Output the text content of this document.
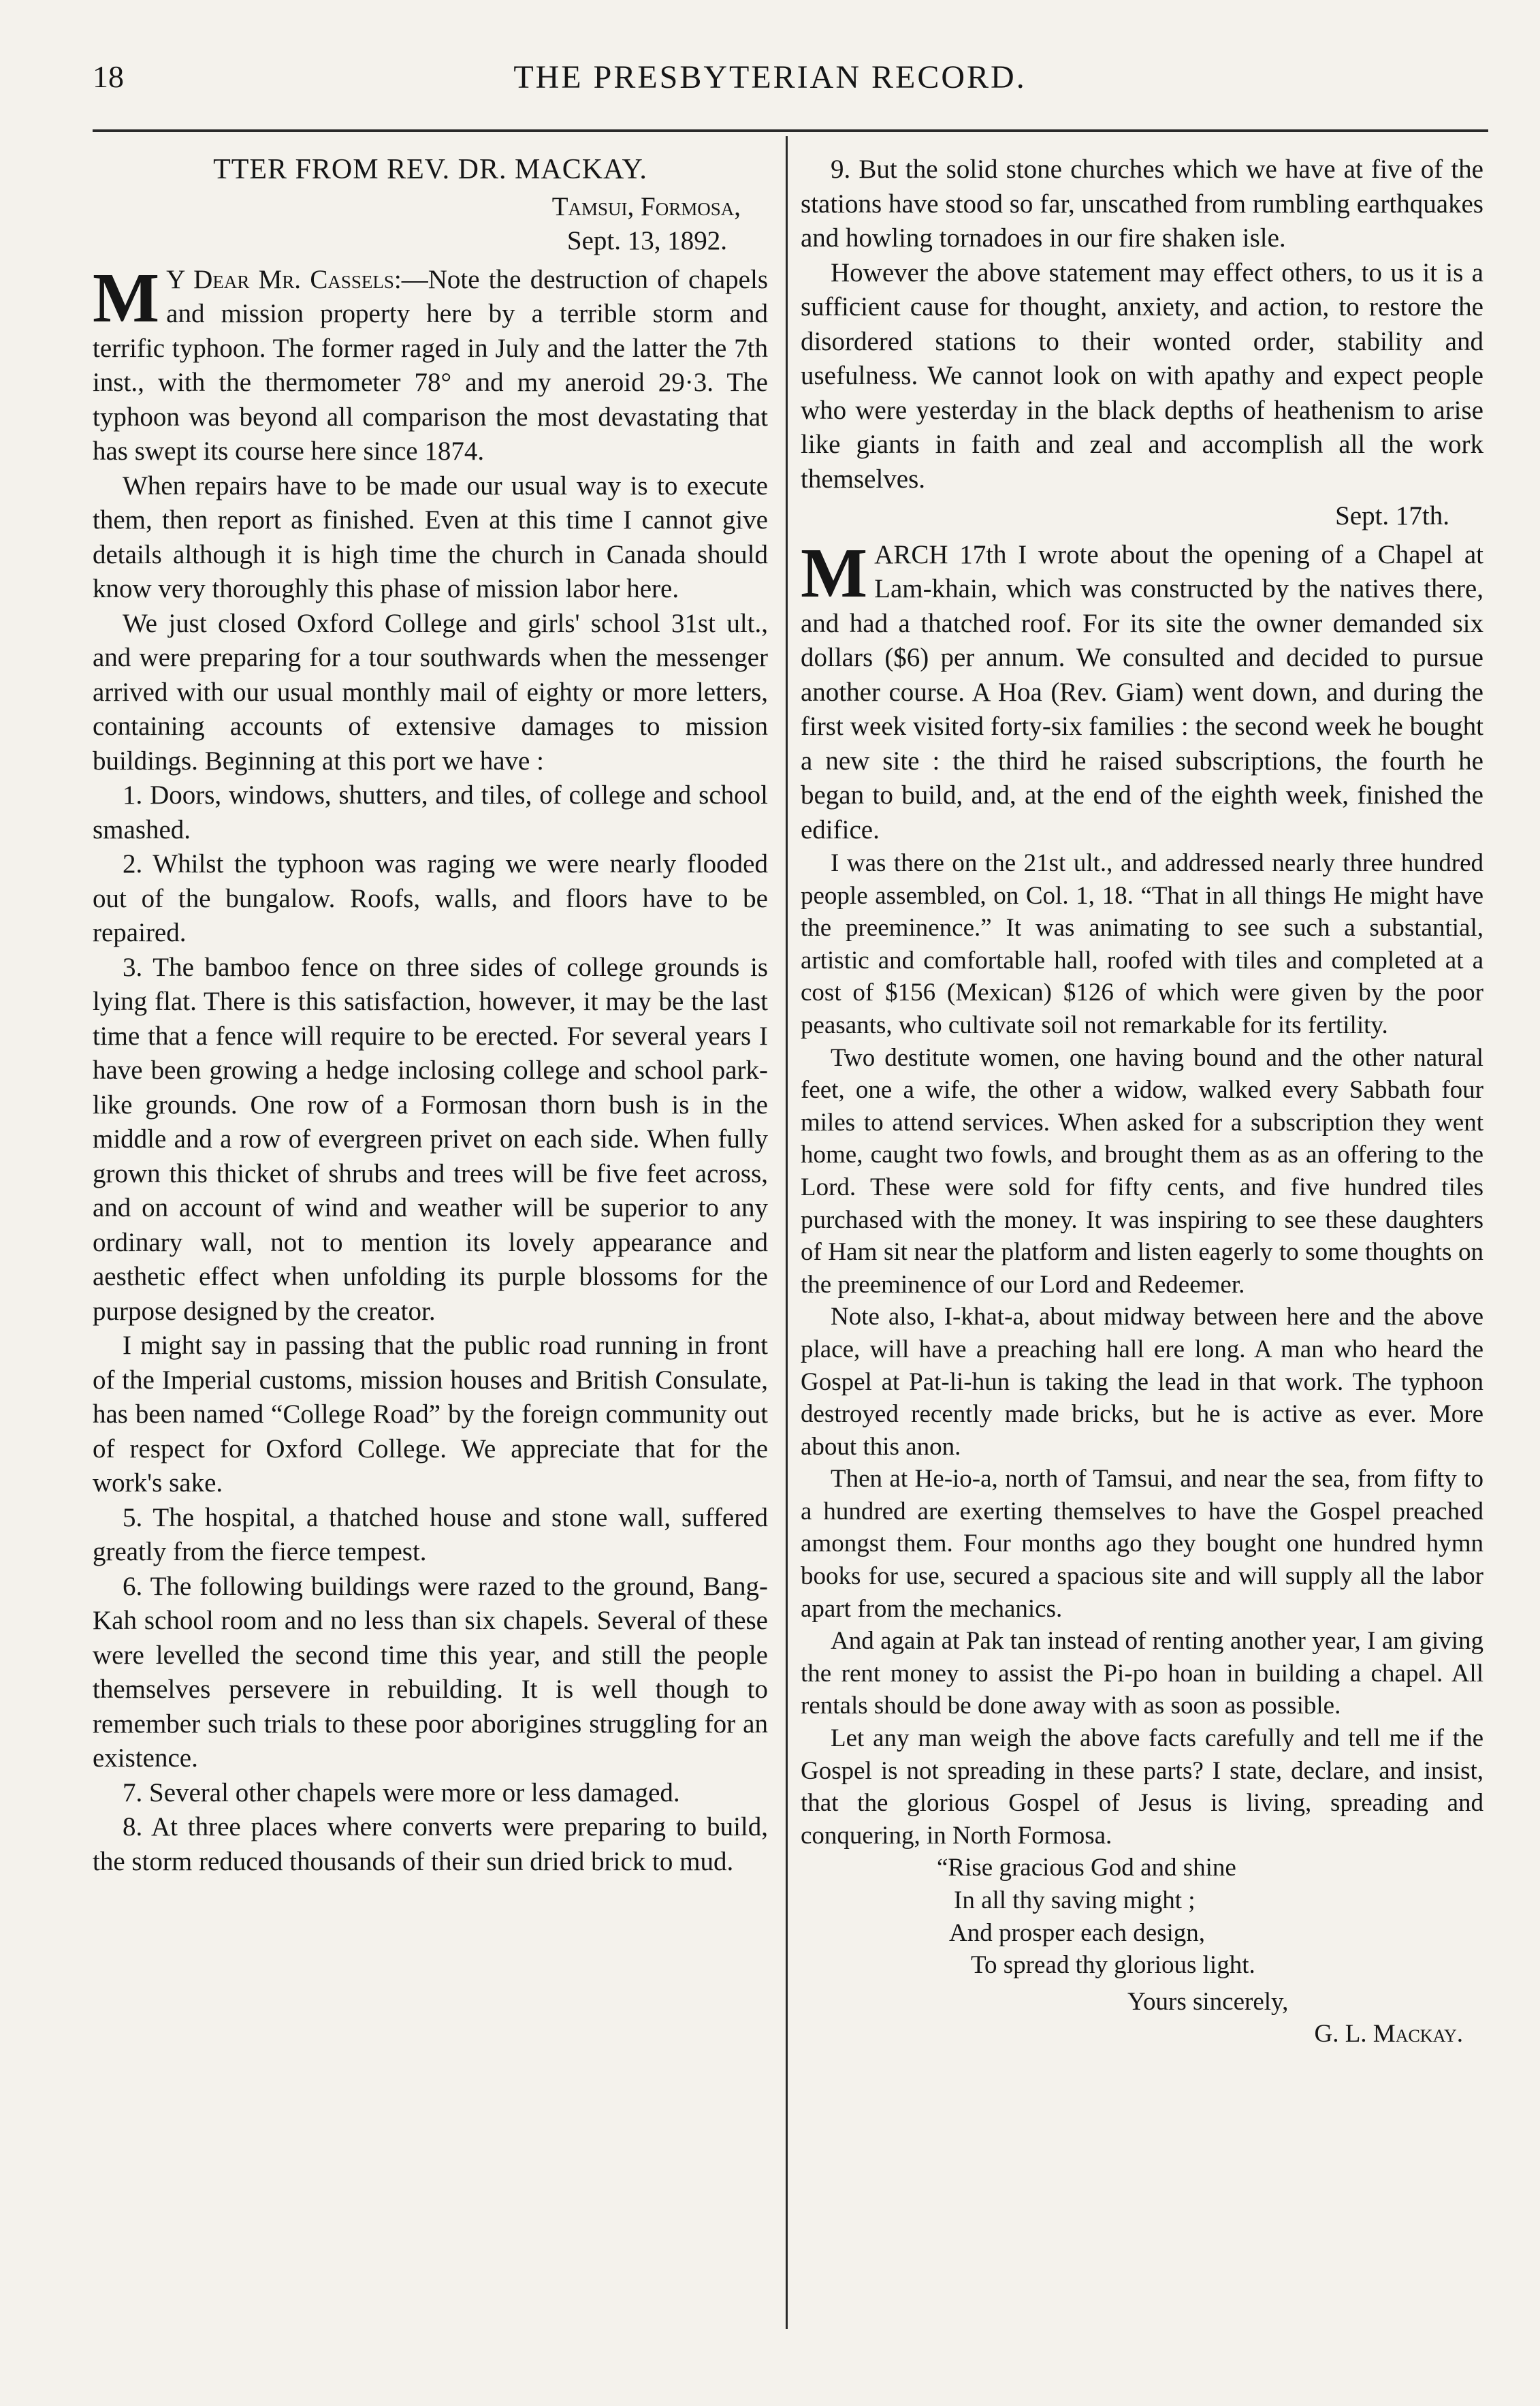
18	THE PRESBYTERIAN RECORD.
TTER FROM REV. DR. MACKAY.
Tamsui, Formosa,
Sept. 13, 1892.

M Y Dear Mr. Cassels:—Note the destruction of chapels and mission property here by a terrible storm and terrific typhoon. The former raged in July and the latter the 7th inst., with the thermometer 78° and my aneroid 29·3. The typhoon was beyond all comparison the most devastating that has swept its course here since 1874.

When repairs have to be made our usual way is to execute them, then report as finished. Even at this time I cannot give details although it is high time the church in Canada should know very thoroughly this phase of mission labor here.

We just closed Oxford College and girls' school 31st ult., and were preparing for a tour southwards when the messenger arrived with our usual monthly mail of eighty or more letters, containing accounts of extensive damages to mission buildings. Beginning at this port we have :

1. Doors, windows, shutters, and tiles, of college and school smashed.

2. Whilst the typhoon was raging we were nearly flooded out of the bungalow. Roofs, walls, and floors have to be repaired.

3. The bamboo fence on three sides of college grounds is lying flat. There is this satisfaction, however, it may be the last time that a fence will require to be erected. For several years I have been growing a hedge inclosing college and school park-like grounds. One row of a Formosan thorn bush is in the middle and a row of evergreen privet on each side. When fully grown this thicket of shrubs and trees will be five feet across, and on account of wind and weather will be superior to any ordinary wall, not to mention its lovely appearance and aesthetic effect when unfolding its purple blossoms for the purpose designed by the creator.

I might say in passing that the public road running in front of the Imperial customs, mission houses and British Consulate, has been named “College Road” by the foreign community out of respect for Oxford College. We appreciate that for the work's sake.

5. The hospital, a thatched house and stone wall, suffered greatly from the fierce tempest.

6. The following buildings were razed to the ground, Bang-Kah school room and no less than six chapels. Several of these were levelled the second time this year, and still the people themselves persevere in rebuilding. It is well though to remember such trials to these poor aborigines struggling for an existence.

7. Several other chapels were more or less damaged.

8. At three places where converts were preparing to build, the storm reduced thousands of their sun dried brick to mud.

9. But the solid stone churches which we have at five of the stations have stood so far, unscathed from rumbling earthquakes and howling tornadoes in our fire shaken isle.

However the above statement may effect others, to us it is a sufficient cause for thought, anxiety, and action, to restore the disordered stations to their wonted order, stability and usefulness. We cannot look on with apathy and expect people who were yesterday in the black depths of heathenism to arise like giants in faith and zeal and accomplish all the work themselves.

Sept. 17th.

MARCH 17th I wrote about the opening of a Chapel at Lam-khain, which was constructed by the natives there, and had a thatched roof. For its site the owner demanded six dollars ($6) per annum. We consulted and decided to pursue another course. A Hoa (Rev. Giam) went down, and during the first week visited forty-six families : the second week he bought a new site : the third he raised subscriptions, the fourth he began to build, and, at the end of the eighth week, finished the edifice.

I was there on the 21st ult., and addressed nearly three hundred people assembled, on Col. 1, 18. “That in all things He might have the preeminence.” It was animating to see such a substantial, artistic and comfortable hall, roofed with tiles and completed at a cost of $156 (Mexican) $126 of which were given by the poor peasants, who cultivate soil not remarkable for its fertility.

Two destitute women, one having bound and the other natural feet, one a wife, the other a widow, walked every Sabbath four miles to attend services. When asked for a subscription they went home, caught two fowls, and brought them as as an offering to the Lord. These were sold for fifty cents, and five hundred tiles purchased with the money. It was inspiring to see these daughters of Ham sit near the platform and listen eagerly to some thoughts on the preeminence of our Lord and Redeemer.

Note also, I-khat-a, about midway between here and the above place, will have a preaching hall ere long. A man who heard the Gospel at Pat-li-hun is taking the lead in that work. The typhoon destroyed recently made bricks, but he is active as ever. More about this anon.

Then at He-io-a, north of Tamsui, and near the sea, from fifty to a hundred are exerting themselves to have the Gospel preached amongst them. Four months ago they bought one hundred hymn books for use, secured a spacious site and will supply all the labor apart from the mechanics.

And again at Pak tan instead of renting another year, I am giving the rent money to assist the Pi-po hoan in building a chapel. All rentals should be done away with as soon as possible.

Let any man weigh the above facts carefully and tell me if the Gospel is not spreading in these parts? I state, declare, and insist, that the glorious Gospel of Jesus is living, spreading and conquering, in North Formosa.

“Rise gracious God and shine
In all thy saving might ;
And prosper each design,
To spread thy glorious light.
Yours sincerely,
G. L. Mackay.
